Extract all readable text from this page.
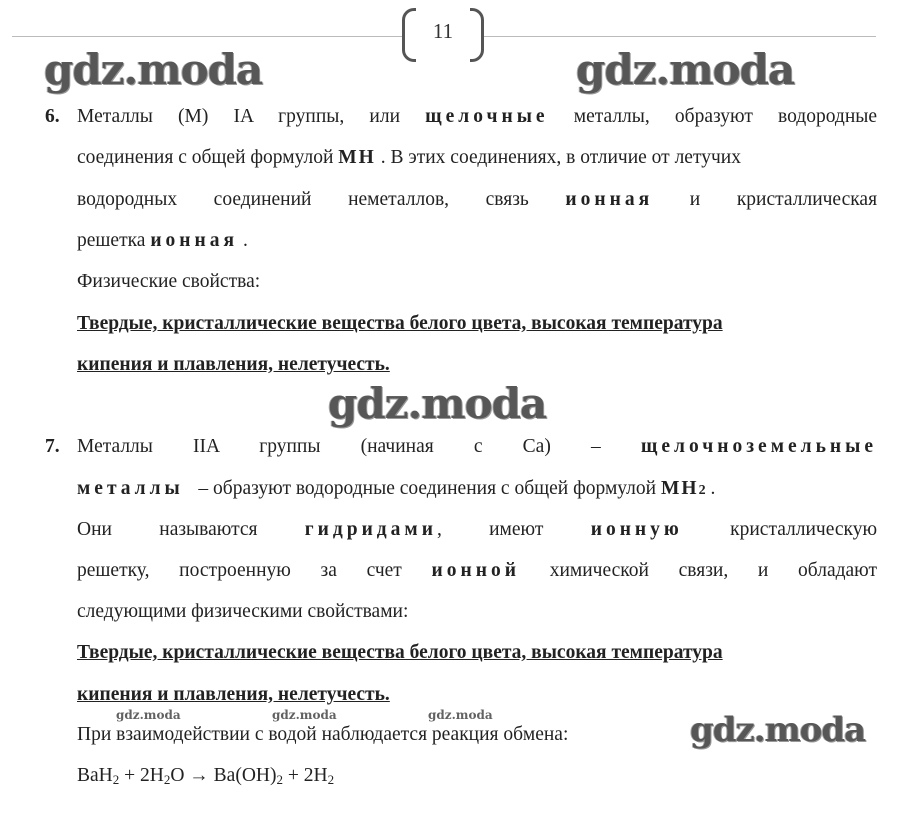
11
gdz.moda	gdz.moda
gdz.moda
gdz.moda
gdz.moda	gdz.moda	gdz.moda
6. Металлы (М) IA группы, или щелочные металлы, образуют водородные
соединения с общей формулой МН . В этих соединениях, в отличие от летучих
водородных соединений неметаллов, связь ионная и кристаллическая
решетка ионная .
Физические свойства:
Твердые, кристаллические вещества белого цвета, высокая температура
кипения и плавления, нелетучесть.
7. Металлы IIA группы (начиная с Са) – щелочноземельные
металлы – образуют водородные соединения с общей формулой МН2 .
Они называются гидридами, имеют ионную кристаллическую
решетку, построенную за счет ионной химической связи, и обладают
следующими физическими свойствами:
Твердые, кристаллические вещества белого цвета, высокая температура
кипения и плавления, нелетучесть.
При взаимодействии с водой наблюдается реакция обмена:
$BaH_2 + 2H_2O \to Ba(OH)_2 + 2H_2$
